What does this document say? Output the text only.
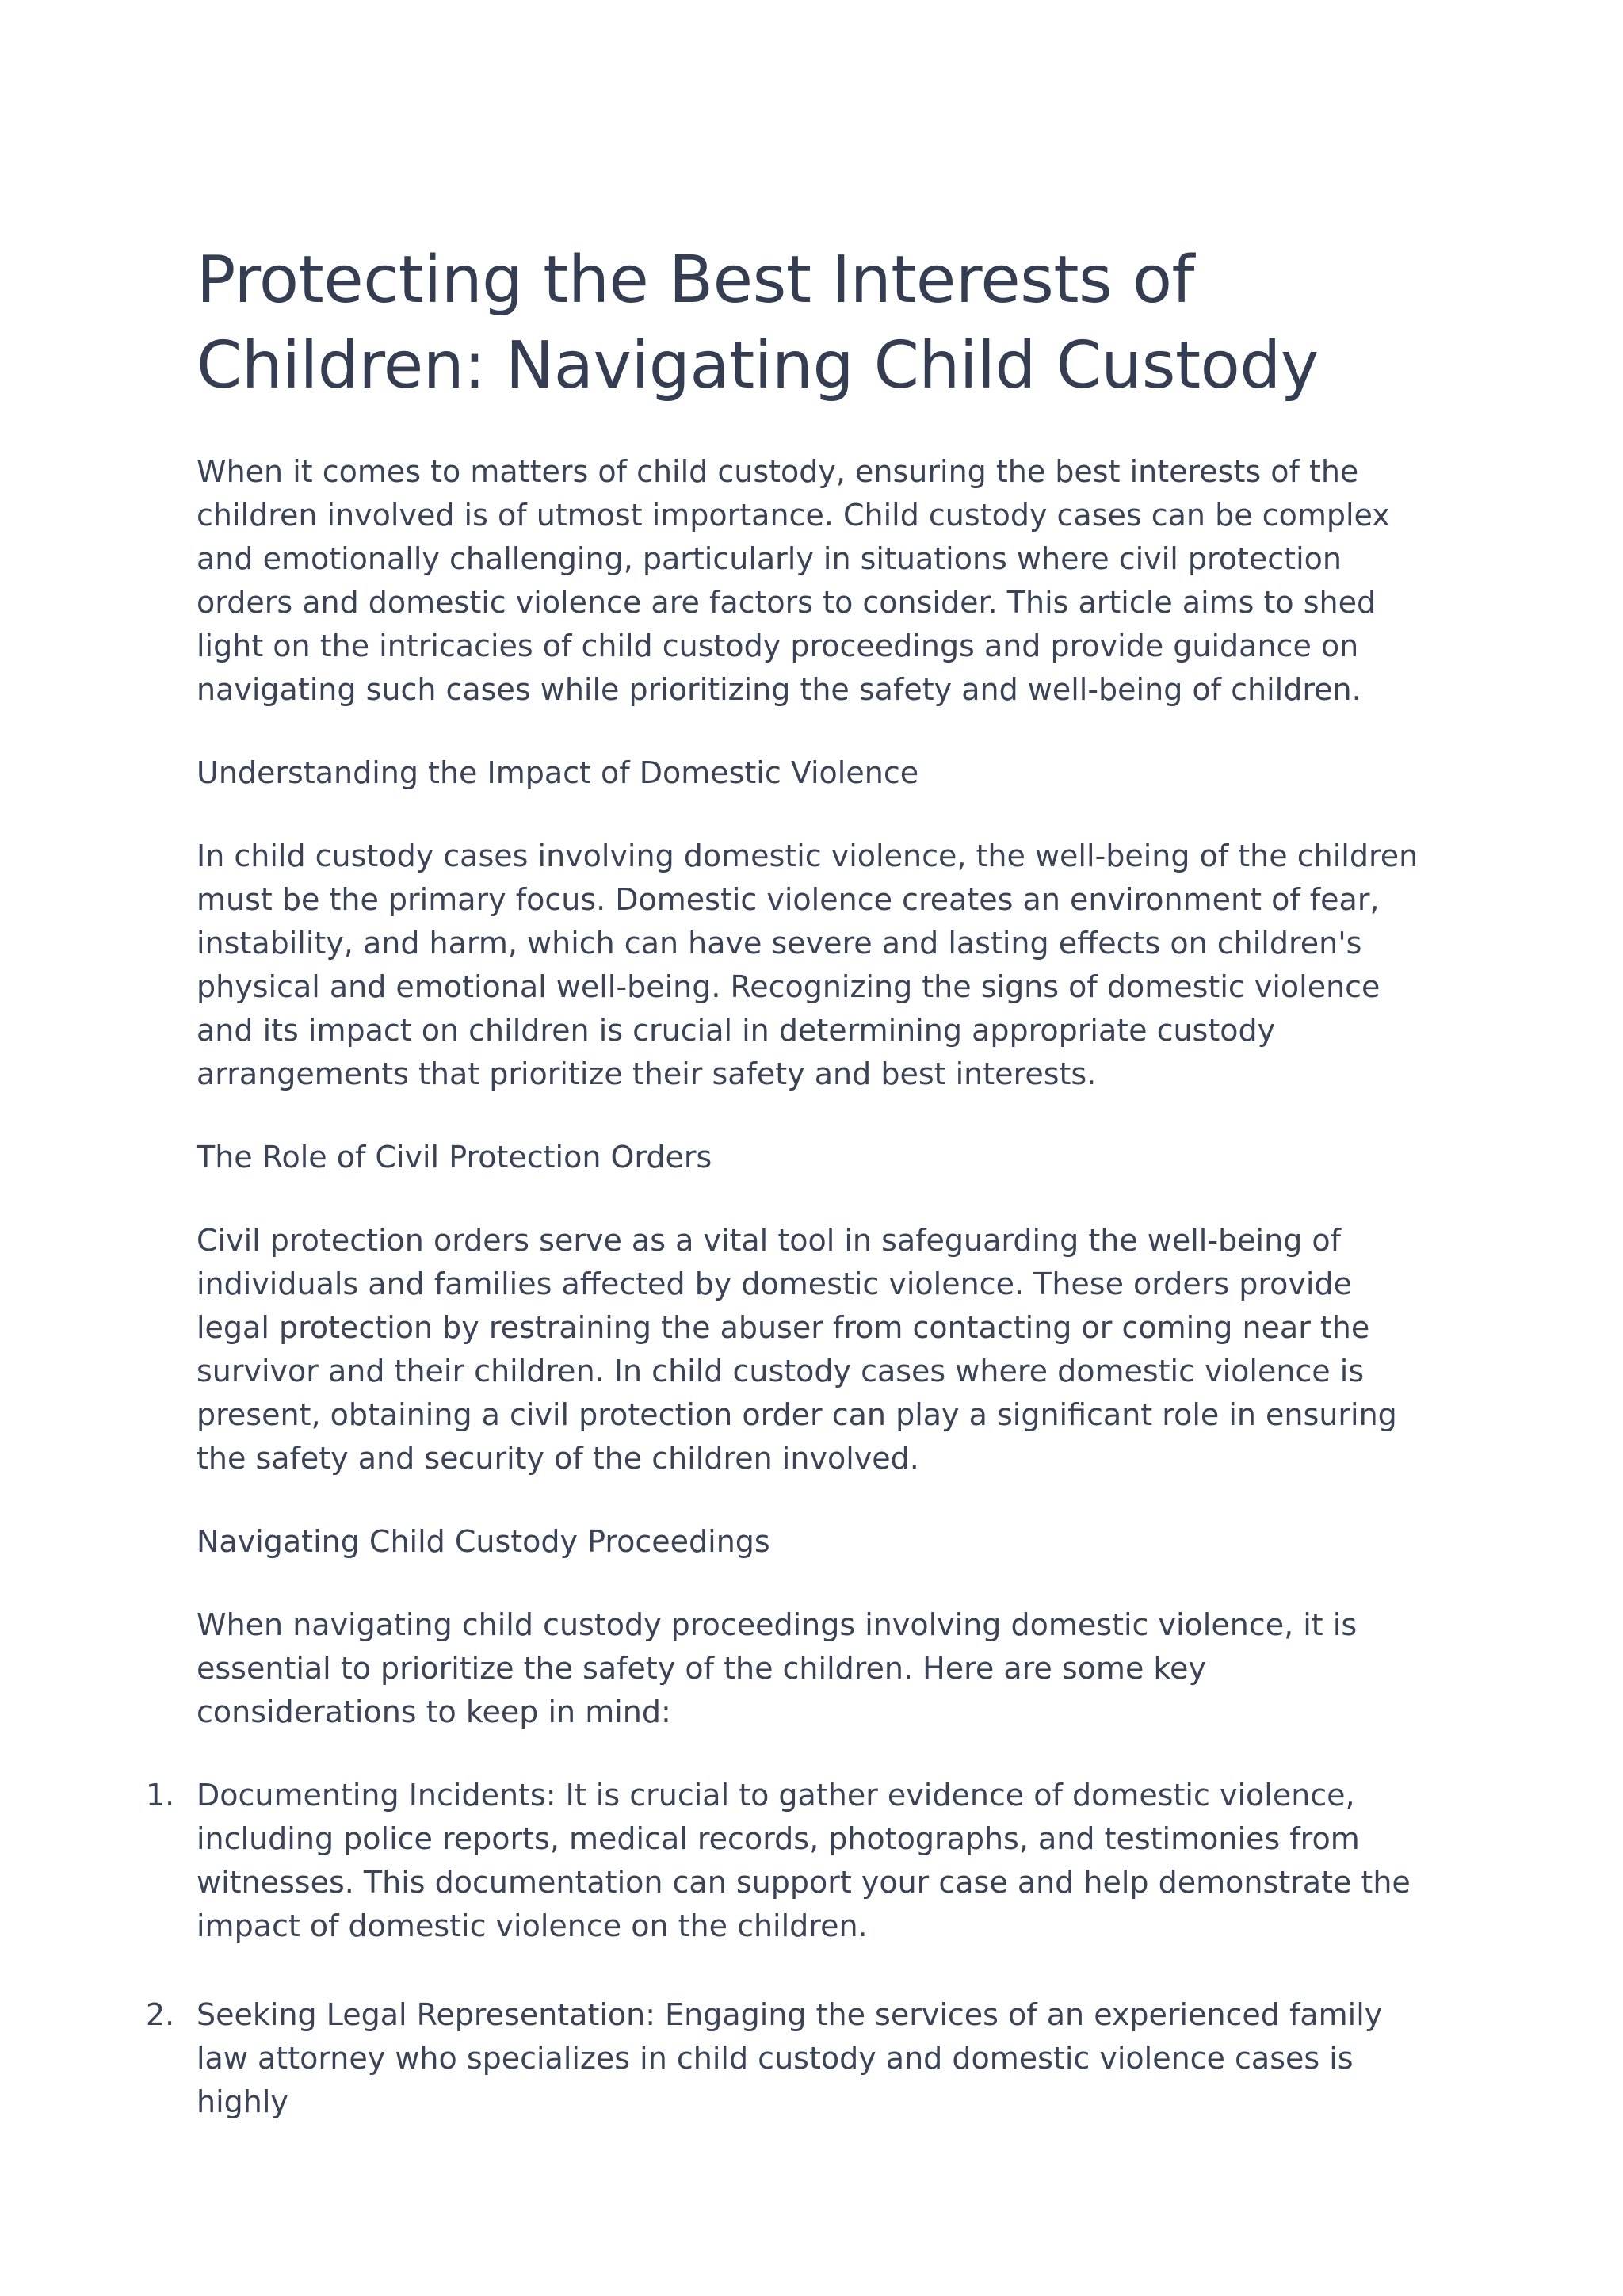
Protecting the Best Interests of Children: Navigating Child Custody

When it comes to matters of child custody, ensuring the best interests of the children involved is of utmost importance. Child custody cases can be complex and emotionally challenging, particularly in situations where civil protection orders and domestic violence are factors to consider. This article aims to shed light on the intricacies of child custody proceedings and provide guidance on navigating such cases while prioritizing the safety and well-being of children.

Understanding the Impact of Domestic Violence

In child custody cases involving domestic violence, the well-being of the children must be the primary focus. Domestic violence creates an environment of fear, instability, and harm, which can have severe and lasting effects on children's physical and emotional well-being. Recognizing the signs of domestic violence and its impact on children is crucial in determining appropriate custody arrangements that prioritize their safety and best interests.

The Role of Civil Protection Orders

Civil protection orders serve as a vital tool in safeguarding the well-being of individuals and families affected by domestic violence. These orders provide legal protection by restraining the abuser from contacting or coming near the survivor and their children. In child custody cases where domestic violence is present, obtaining a civil protection order can play a significant role in ensuring the safety and security of the children involved.

Navigating Child Custody Proceedings

When navigating child custody proceedings involving domestic violence, it is essential to prioritize the safety of the children. Here are some key considerations to keep in mind:

1. Documenting Incidents: It is crucial to gather evidence of domestic violence, including police reports, medical records, photographs, and testimonies from witnesses. This documentation can support your case and help demonstrate the impact of domestic violence on the children.
2. Seeking Legal Representation: Engaging the services of an experienced family law attorney who specializes in child custody and domestic violence cases is highly
